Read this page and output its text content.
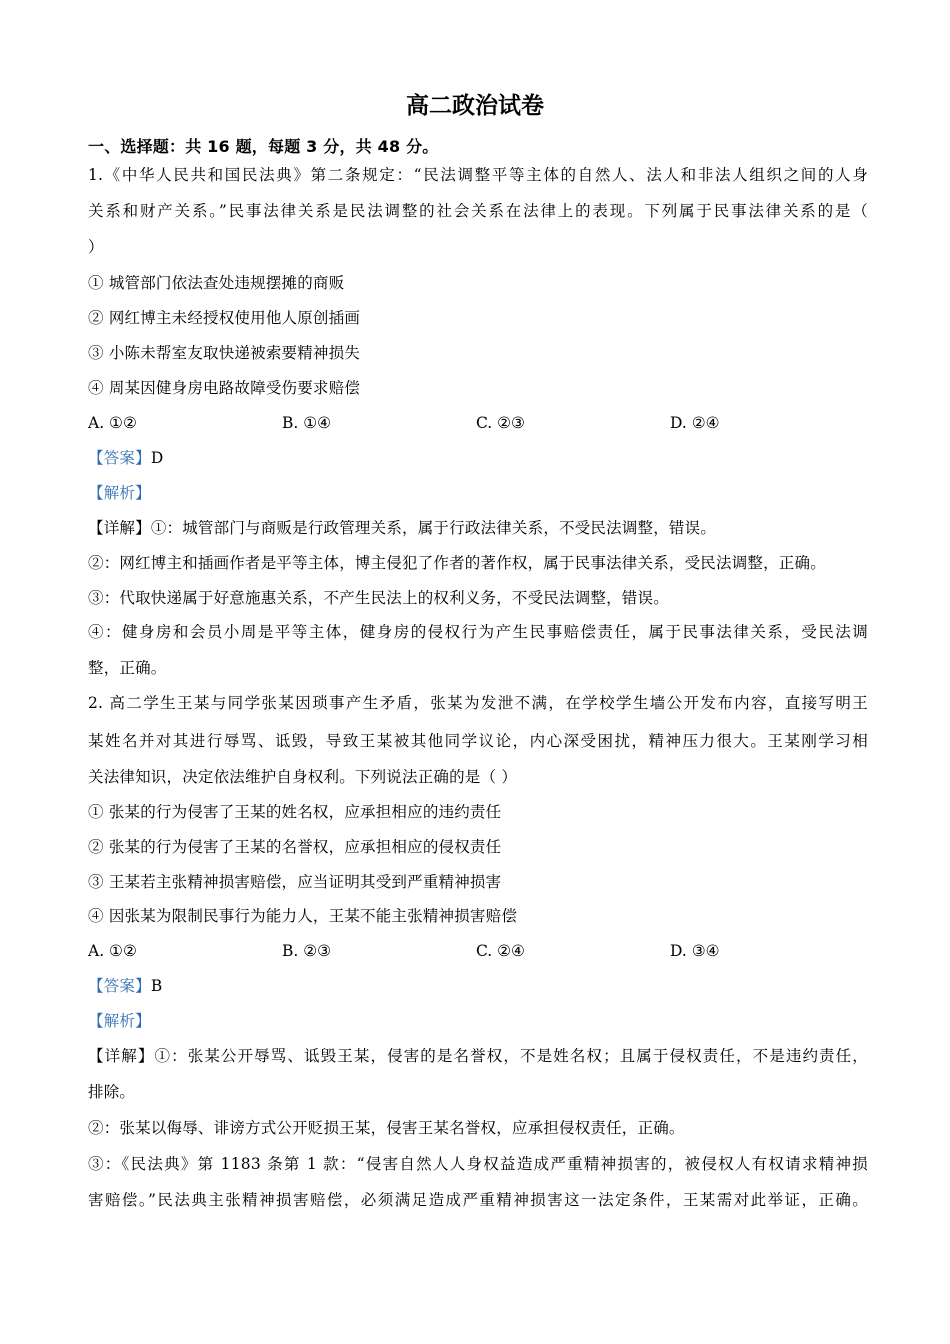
高二政治试卷
一、选择题：共 16 题，每题 3 分，共 48 分。
1.《中华人民共和国民法典》第二条规定：“民法调整平等主体的自然人、法人和非法人组织之间的人身
关系和财产关系。”民事法律关系是民法调整的社会关系在法律上的表现。下列属于民事法律关系的是（
）
① 城管部门依法查处违规摆摊的商贩
② 网红博主未经授权使用他人原创插画
③ 小陈未帮室友取快递被索要精神损失
④ 周某因健身房电路故障受伤要求赔偿
A. ①②	B. ①④	C. ②③	D. ②④
【答案】D
【解析】
【详解】①：城管部门与商贩是行政管理关系，属于行政法律关系，不受民法调整，错误。
②：网红博主和插画作者是平等主体，博主侵犯了作者的著作权，属于民事法律关系，受民法调整，正确。
③：代取快递属于好意施惠关系，不产生民法上的权利义务，不受民法调整，错误。
④：健身房和会员小周是平等主体，健身房的侵权行为产生民事赔偿责任，属于民事法律关系，受民法调
整，正确。
2. 高二学生王某与同学张某因琐事产生矛盾，张某为发泄不满，在学校学生墙公开发布内容，直接写明王
某姓名并对其进行辱骂、诋毁，导致王某被其他同学议论，内心深受困扰，精神压力很大。王某刚学习相
关法律知识，决定依法维护自身权利。下列说法正确的是（ ）
① 张某的行为侵害了王某的姓名权，应承担相应的违约责任
② 张某的行为侵害了王某的名誉权，应承担相应的侵权责任
③ 王某若主张精神损害赔偿，应当证明其受到严重精神损害
④ 因张某为限制民事行为能力人，王某不能主张精神损害赔偿
A. ①②	B. ②③	C. ②④	D. ③④
【答案】B
【解析】
【详解】①：张某公开辱骂、诋毁王某，侵害的是名誉权，不是姓名权；且属于侵权责任，不是违约责任，
排除。
②：张某以侮辱、诽谤方式公开贬损王某，侵害王某名誉权，应承担侵权责任，正确。
③：《民法典》第 1183 条第 1 款：“侵害自然人人身权益造成严重精神损害的，被侵权人有权请求精神损
害赔偿。”民法典主张精神损害赔偿，必须满足造成严重精神损害这一法定条件，王某需对此举证，正确。
